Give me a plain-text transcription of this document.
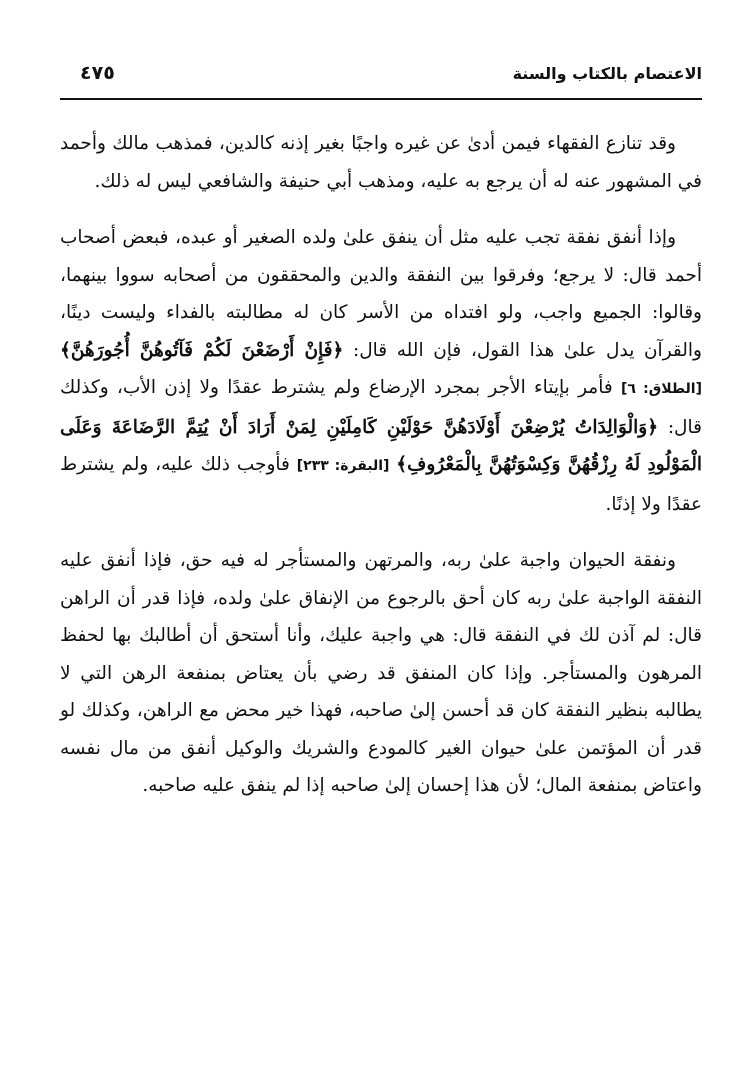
الاعتصام بالكتاب والسنة
٤٧٥

وقد تنازع الفقهاء فيمن أدىٰ عن غيره واجبًا بغير إذنه كالدين، فمذهب مالك وأحمد في المشهور عنه له أن يرجع به عليه، ومذهب أبي حنيفة والشافعي ليس له ذلك.

وإذا أنفق نفقة تجب عليه مثل أن ينفق علىٰ ولده الصغير أو عبده، فبعض أصحاب أحمد قال: لا يرجع؛ وفرقوا بين النفقة والدين والمحققون من أصحابه سووا بينهما، وقالوا: الجميع واجب، ولو افتداه من الأسر كان له مطالبته بالفداء وليست دينًا، والقرآن يدل علىٰ هذا القول، فإن الله قال: ﴿فَإِنْ أَرْضَعْنَ لَكُمْ فَآتُوهُنَّ أُجُورَهُنَّ﴾ [الطلاق: ٦] فأمر بإيتاء الأجر بمجرد الإرضاع ولم يشترط عقدًا ولا إذن الأب، وكذلك قال: ﴿وَالْوَالِدَاتُ يُرْضِعْنَ أَوْلَادَهُنَّ حَوْلَيْنِ كَامِلَيْنِ لِمَنْ أَرَادَ أَنْ يُتِمَّ الرَّضَاعَةَ وَعَلَى الْمَوْلُودِ لَهُ رِزْقُهُنَّ وَكِسْوَتُهُنَّ بِالْمَعْرُوفِ﴾ [البقرة: ٢٣٣] فأوجب ذلك عليه، ولم يشترط عقدًا ولا إذنًا.

ونفقة الحيوان واجبة علىٰ ربه، والمرتهن والمستأجر له فيه حق، فإذا أنفق عليه النفقة الواجبة علىٰ ربه كان أحق بالرجوع من الإنفاق علىٰ ولده، فإذا قدر أن الراهن قال: لم آذن لك في النفقة قال: هي واجبة عليك، وأنا أستحق أن أطالبك بها لحفظ المرهون والمستأجر. وإذا كان المنفق قد رضي بأن يعتاض بمنفعة الرهن التي لا يطالبه بنظير النفقة كان قد أحسن إلىٰ صاحبه، فهذا خير محض مع الراهن، وكذلك لو قدر أن المؤتمن علىٰ حيوان الغير كالمودع والشريك والوكيل أنفق من مال نفسه واعتاض بمنفعة المال؛ لأن هذا إحسان إلىٰ صاحبه إذا لم ينفق عليه صاحبه.
